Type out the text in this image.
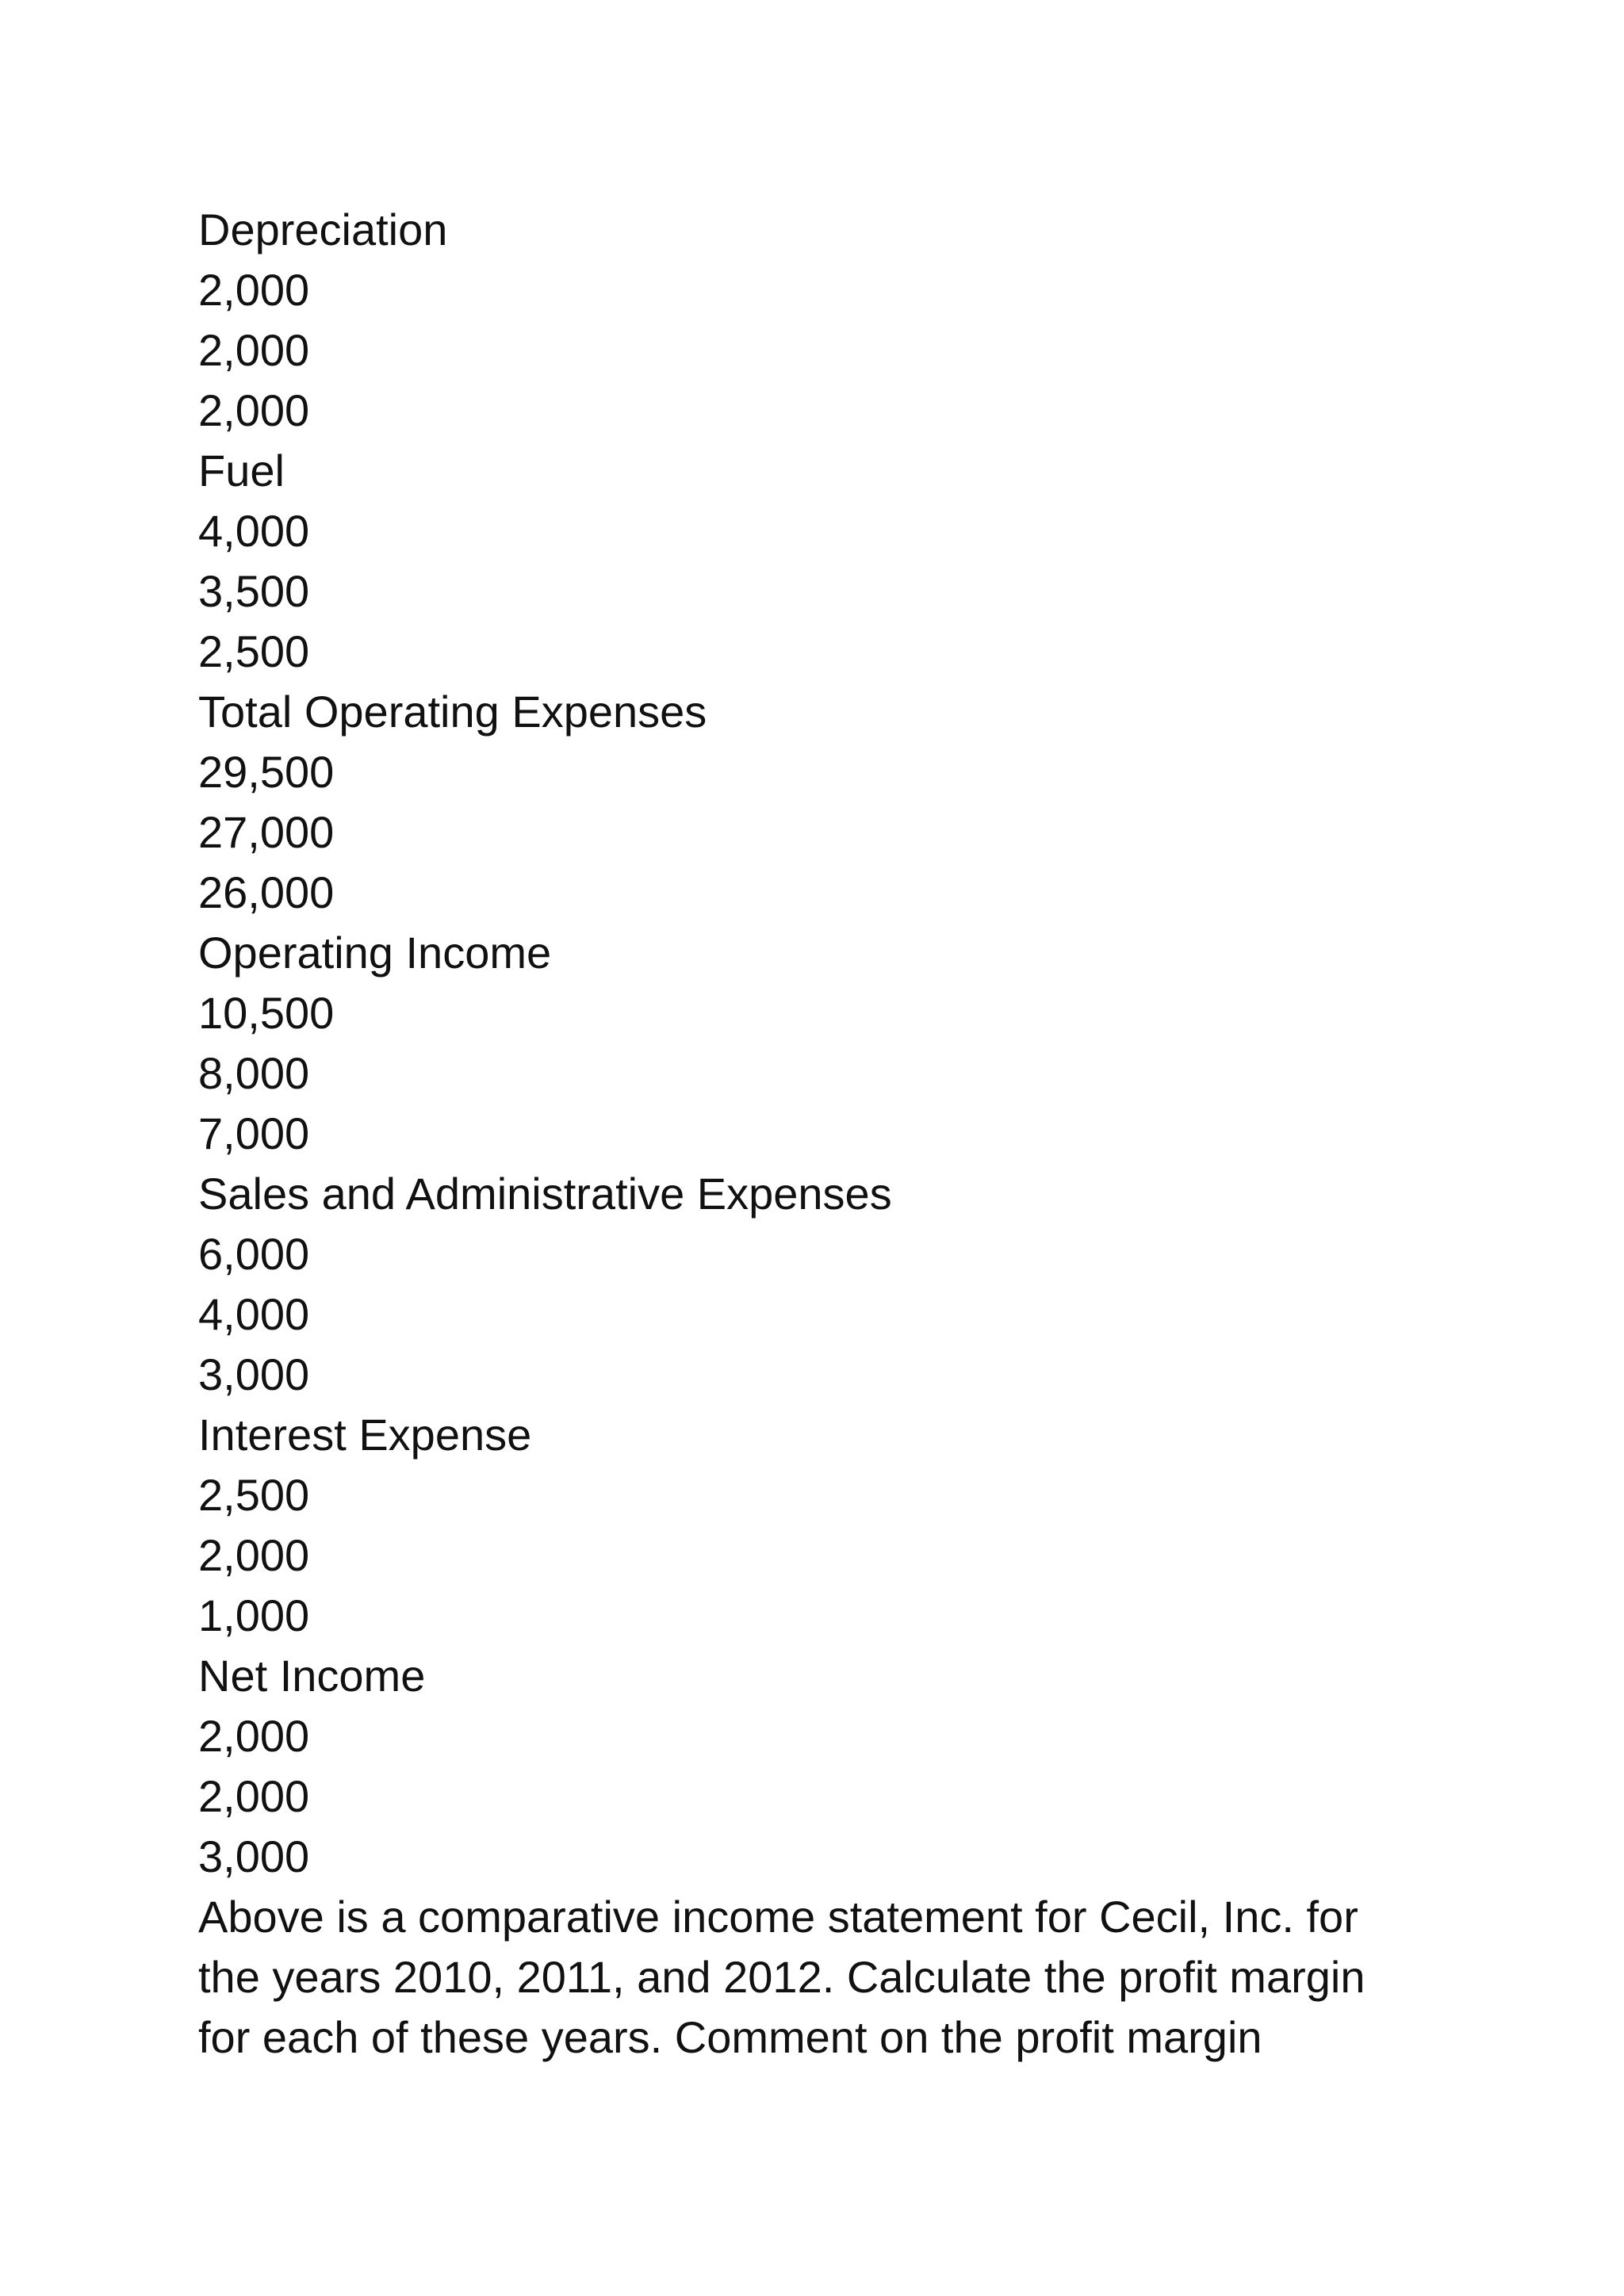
Depreciation
2,000
2,000
2,000
Fuel
4,000
3,500
2,500
Total Operating Expenses
29,500
27,000
26,000
Operating Income
10,500
8,000
7,000
Sales and Administrative Expenses
6,000
4,000
3,000
Interest Expense
2,500
2,000
1,000
Net Income
2,000
2,000
3,000
Above is a comparative income statement for Cecil, Inc. for
the years 2010, 2011, and 2012. Calculate the profit margin
for each of these years. Comment on the profit margin
